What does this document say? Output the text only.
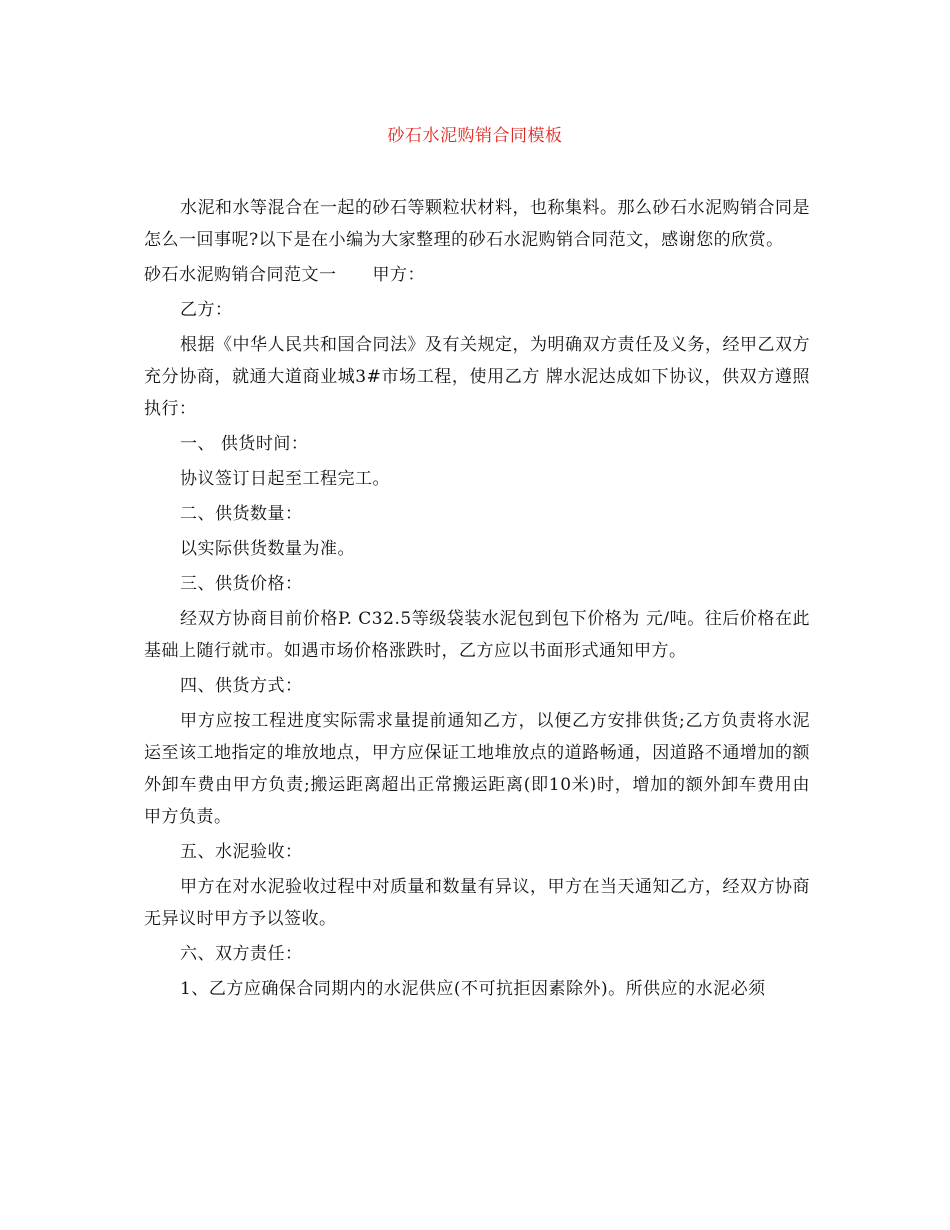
砂石水泥购销合同模板

水泥和水等混合在一起的砂石等颗粒状材料，也称集料。那么砂石水泥购销合同是怎么一回事呢?以下是在小编为大家整理的砂石水泥购销合同范文，感谢您的欣赏。

砂石水泥购销合同范文一 甲方：

乙方：

根据《中华人民共和国合同法》及有关规定，为明确双方责任及义务，经甲乙双方充分协商，就通大道商业城3#市场工程，使用乙方 牌水泥达成如下协议，供双方遵照执行：

一、 供货时间：

协议签订日起至工程完工。

二、供货数量：

以实际供货数量为准。

三、供货价格：

经双方协商目前价格P. C32.5等级袋装水泥包到包下价格为 元/吨。往后价格在此基础上随行就市。如遇市场价格涨跌时，乙方应以书面形式通知甲方。

四、供货方式：

甲方应按工程进度实际需求量提前通知乙方，以便乙方安排供货;乙方负责将水泥运至该工地指定的堆放地点，甲方应保证工地堆放点的道路畅通，因道路不通增加的额外卸车费由甲方负责;搬运距离超出正常搬运距离(即10米)时，增加的额外卸车费用由甲方负责。

五、水泥验收：

甲方在对水泥验收过程中对质量和数量有异议，甲方在当天通知乙方，经双方协商无异议时甲方予以签收。

六、双方责任：

1、乙方应确保合同期内的水泥供应(不可抗拒因素除外)。所供应的水泥必须
